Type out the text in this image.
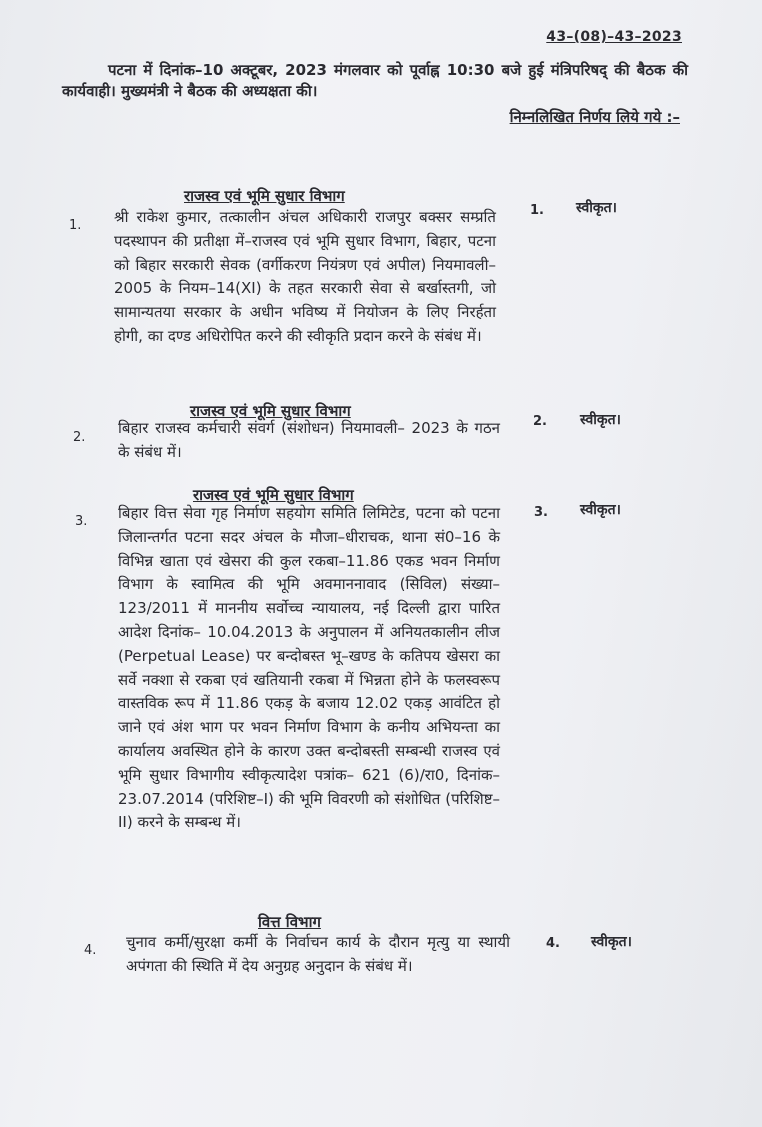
43–(08)–43–2023
पटना में दिनांक–10 अक्टूबर, 2023 मंगलवार को पूर्वाह्न 10:30 बजे हुई मंत्रिपरिषद् की बैठक की कार्यवाही। मुख्यमंत्री ने बैठक की अध्यक्षता की।
निम्नलिखित निर्णय लिये गये :–
राजस्व एवं भूमि सुधार विभाग
1. श्री राकेश कुमार, तत्कालीन अंचल अधिकारी राजपुर बक्सर सम्प्रति पदस्थापन की प्रतीक्षा में–राजस्व एवं भूमि सुधार विभाग, बिहार, पटना को बिहार सरकारी सेवक (वर्गीकरण नियंत्रण एवं अपील) नियमावली– 2005 के नियम–14(XI) के तहत सरकारी सेवा से बर्खास्तगी, जो सामान्यतया सरकार के अधीन भविष्य में नियोजन के लिए निरर्हता होगी, का दण्ड अधिरोपित करने की स्वीकृति प्रदान करने के संबंध में।
1. स्वीकृत।
राजस्व एवं भूमि सुधार विभाग
2.
बिहार राजस्व कर्मचारी संवर्ग (संशोधन) नियमावली– 2023 के गठन के संबंध में।
2. स्वीकृत।
राजस्व एवं भूमि सुधार विभाग
3. बिहार वित्त सेवा गृह निर्माण सहयोग समिति लिमिटेड, पटना को पटना जिलान्तर्गत पटना सदर अंचल के मौजा–धीराचक, थाना सं0–16 के विभिन्न खाता एवं खेसरा की कुल रकबा–11.86 एकड भवन निर्माण विभाग के स्वामित्व की भूमि अवमाननावाद (सिविल) संख्या–123/2011 में माननीय सर्वोच्च न्यायालय, नई दिल्ली द्वारा पारित आदेश दिनांक– 10.04.2013 के अनुपालन में अनियतकालीन लीज (Perpetual Lease) पर बन्दोबस्त भू–खण्ड के कतिपय खेसरा का सर्वे नक्शा से रकबा एवं खतियानी रकबा में भिन्नता होने के फलस्वरूप वास्तविक रूप में 11.86 एकड़ के बजाय 12.02 एकड़ आवंटित हो जाने एवं अंश भाग पर भवन निर्माण विभाग के कनीय अभियन्ता का कार्यालय अवस्थित होने के कारण उक्त बन्दोबस्ती सम्बन्धी राजस्व एवं भूमि सुधार विभागीय स्वीकृत्यादेश पत्रांक– 621 (6)/रा0, दिनांक– 23.07.2014 (परिशिष्ट–I) की भूमि विवरणी को संशोधित (परिशिष्ट–II) करने के सम्बन्ध में।
3. स्वीकृत।
वित्त विभाग
4. चुनाव कर्मी/सुरक्षा कर्मी के निर्वाचन कार्य के दौरान मृत्यु या स्थायी अपंगता की स्थिति में देय अनुग्रह अनुदान के संबंध में।
4. स्वीकृत।
